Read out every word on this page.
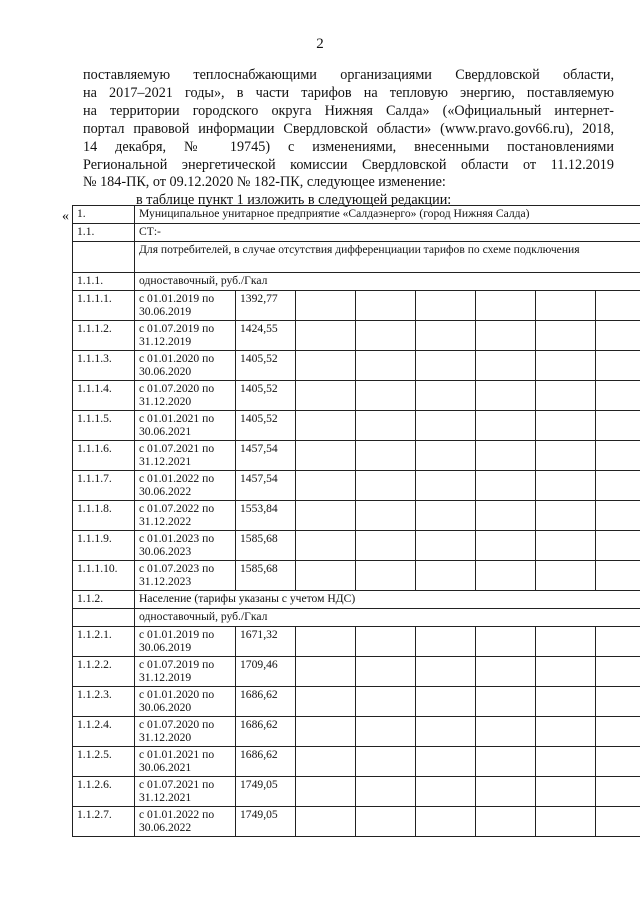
2
поставляемую теплоснабжающими организациями Свердловской области,
на 2017–2021 годы», в части тарифов на тепловую энергию, поставляемую
на территории городского округа Нижняя Салда» («Официальный интернет-
портал правовой информации Свердловской области» (www.pravo.gov66.ru), 2018,
14 декабря, № 19745) с изменениями, внесенными постановлениями
Региональной энергетической комиссии Свердловской области от 11.12.2019
№ 184-ПК, от 09.12.2020 № 182-ПК, следующее изменение:
в таблице пункт 1 изложить в следующей редакции:
« 1.	Муниципальное унитарное предприятие «Салдаэнерго» (город Нижняя Салда)							
1.1.	СТ:-							
	Для потребителей, в случае отсутствия дифференциации тарифов по схеме подключения							
1.1.1.	одноставочный, руб./Гкал							
1.1.1.1.	с 01.01.2019 по 30.06.2019	1392,77						
1.1.1.2.	с 01.07.2019 по 31.12.2019	1424,55						
1.1.1.3.	с 01.01.2020 по 30.06.2020	1405,52						
1.1.1.4.	с 01.07.2020 по 31.12.2020	1405,52						
1.1.1.5.	с 01.01.2021 по 30.06.2021	1405,52						
1.1.1.6.	с 01.07.2021 по 31.12.2021	1457,54						
1.1.1.7.	с 01.01.2022 по 30.06.2022	1457,54						
1.1.1.8.	с 01.07.2022 по 31.12.2022	1553,84						
1.1.1.9.	с 01.01.2023 по 30.06.2023	1585,68						
1.1.1.10.	с 01.07.2023 по 31.12.2023	1585,68						
1.1.2.	Население (тарифы указаны с учетом НДС)							
	одноставочный, руб./Гкал							
1.1.2.1.	с 01.01.2019 по 30.06.2019	1671,32						
1.1.2.2.	с 01.07.2019 по 31.12.2019	1709,46						
1.1.2.3.	с 01.01.2020 по 30.06.2020	1686,62						
1.1.2.4.	с 01.07.2020 по 31.12.2020	1686,62						
1.1.2.5.	с 01.01.2021 по 30.06.2021	1686,62						
1.1.2.6.	с 01.07.2021 по 31.12.2021	1749,05						
1.1.2.7.	с 01.01.2022 по 30.06.2022	1749,05						
